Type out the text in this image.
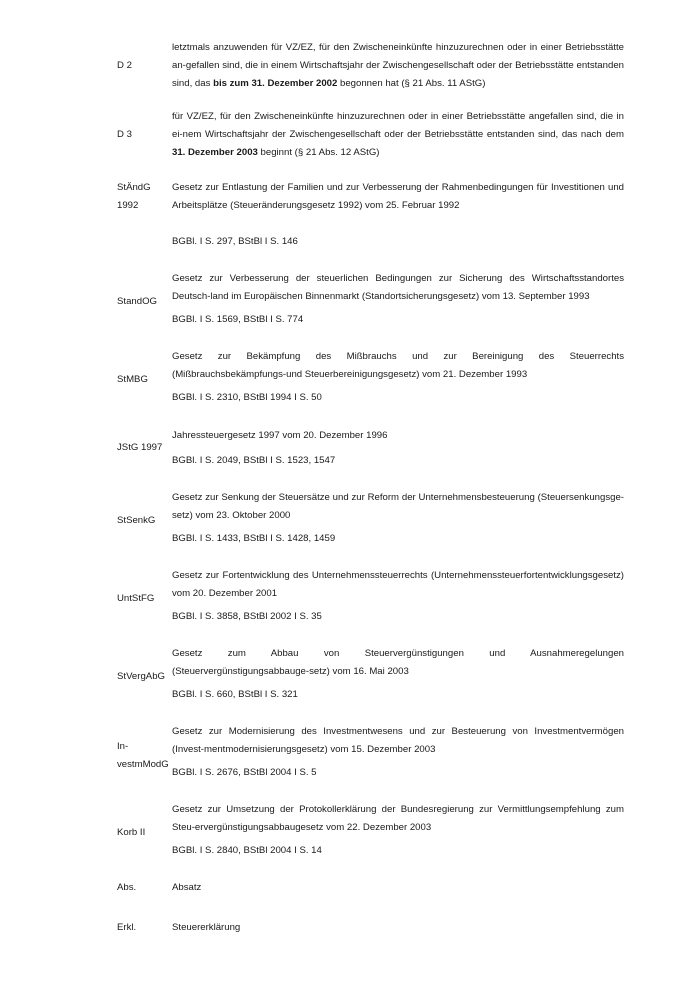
D 2
letztmals anzuwenden für VZ/EZ, für den Zwischeneinkünfte hinzuzurechnen oder in einer Betriebsstätte an-gefallen sind, die in einem Wirtschaftsjahr der Zwischengesellschaft oder der Betriebsstätte entstanden sind, das bis zum 31. Dezember 2002 begonnen hat (§ 21 Abs. 11 AStG)
D 3
für VZ/EZ, für den Zwischeneinkünfte hinzuzurechnen oder in einer Betriebsstätte angefallen sind, die in ei-nem Wirtschaftsjahr der Zwischengesellschaft oder der Betriebsstätte entstanden sind, das nach dem 31. Dezember 2003 beginnt (§ 21 Abs. 12 AStG)
StÄndG 1992
Gesetz zur Entlastung der Familien und zur Verbesserung der Rahmenbedingungen für Investitionen und Arbeitsplätze (Steueränderungsgesetz 1992) vom 25. Februar 1992
BGBl. I S. 297, BStBl I S. 146
StandOG
Gesetz zur Verbesserung der steuerlichen Bedingungen zur Sicherung des Wirtschaftsstandortes Deutsch-land im Europäischen Binnenmarkt (Standortsicherungsgesetz) vom 13. September 1993
BGBl. I S. 1569, BStBl I S. 774
StMBG
Gesetz zur Bekämpfung des Mißbrauchs und zur Bereinigung des Steuerrechts (Mißbrauchsbekämpfungs-und Steuerbereinigungsgesetz) vom 21. Dezember 1993
BGBl. I S. 2310, BStBl 1994 I S. 50
JStG 1997
Jahressteuergesetz 1997 vom 20. Dezember 1996
BGBl. I S. 2049, BStBl I S. 1523, 1547
StSenkG
Gesetz zur Senkung der Steuersätze und zur Reform der Unternehmensbesteuerung (Steuersenkungsge-setz) vom 23. Oktober 2000
BGBl. I S. 1433, BStBl I S. 1428, 1459
UntStFG
Gesetz zur Fortentwicklung des Unternehmenssteuerrechts (Unternehmenssteuerfortentwicklungsgesetz) vom 20. Dezember 2001
BGBl. I S. 3858, BStBl 2002 I S. 35
StVergAbG
Gesetz zum Abbau von Steuervergünstigungen und Ausnahmeregelungen (Steuervergünstigungsabbauge-setz) vom 16. Mai 2003
BGBl. I S. 660, BStBl I S. 321
In-vestmModG
Gesetz zur Modernisierung des Investmentwesens und zur Besteuerung von Investmentvermögen (Invest-mentmodernisierungsgesetz) vom 15. Dezember 2003
BGBl. I S. 2676, BStBl 2004 I S. 5
Korb II
Gesetz zur Umsetzung der Protokollerklärung der Bundesregierung zur Vermittlungsempfehlung zum Steu-ervergünstigungsabbaugesetz vom 22. Dezember 2003
BGBl. I S. 2840, BStBl 2004 I S. 14
Abs.	Absatz
Erkl.	Steuererklärung
